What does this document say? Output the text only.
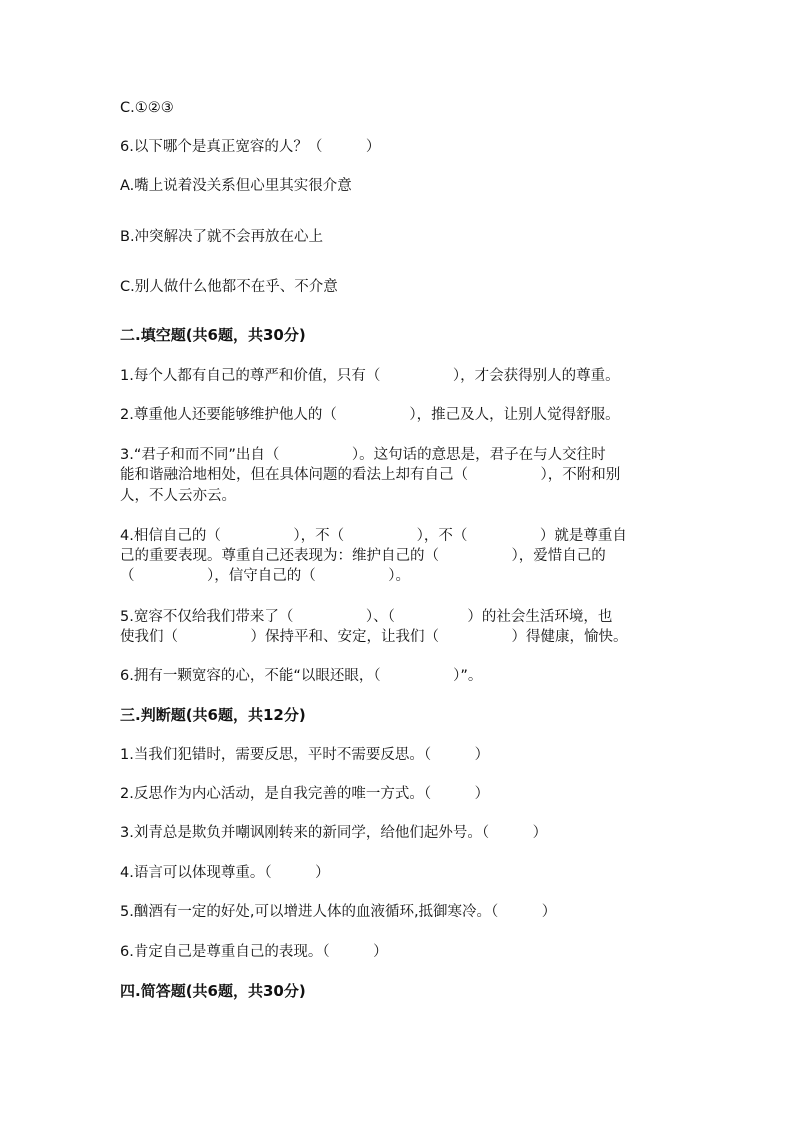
C.①②③
6.以下哪个是真正宽容的人？（　　　）
A.嘴上说着没关系但心里其实很介意
B.冲突解决了就不会再放在心上
C.别人做什么他都不在乎、不介意
二.填空题(共6题，共30分)
1.每个人都有自己的尊严和价值，只有（　　　　　），才会获得别人的尊重。
2.尊重他人还要能够维护他人的（　　　　　），推己及人，让别人觉得舒服。
3.“君子和而不同”出自（　　　　　）。这句话的意思是，君子在与人交往时
能和谐融洽地相处，但在具体问题的看法上却有自己（　　　　　），不附和别
人，不人云亦云。
4.相信自己的（　　　　　），不（　　　　　），不（　　　　　）就是尊重自
己的重要表现。尊重自己还表现为：维护自己的（　　　　　），爱惜自己的
（　　　　　），信守自己的（　　　　　）。
5.宽容不仅给我们带来了（　　　　　）、（　　　　　）的社会生活环境，也
使我们（　　　　　）保持平和、安定，让我们（　　　　　）得健康，愉快。
6.拥有一颗宽容的心，不能“以眼还眼，（　　　　　）”。
三.判断题(共6题，共12分)
1.当我们犯错时，需要反思，平时不需要反思。（　　　）
2.反思作为内心活动，是自我完善的唯一方式。（　　　）
3.刘青总是欺负并嘲讽刚转来的新同学，给他们起外号。（　　　）
4.语言可以体现尊重。（　　　）
5.酗酒有一定的好处,可以增进人体的血液循环,抵御寒冷。（　　　）
6.肯定自己是尊重自己的表现。（　　　）
四.简答题(共6题，共30分)
